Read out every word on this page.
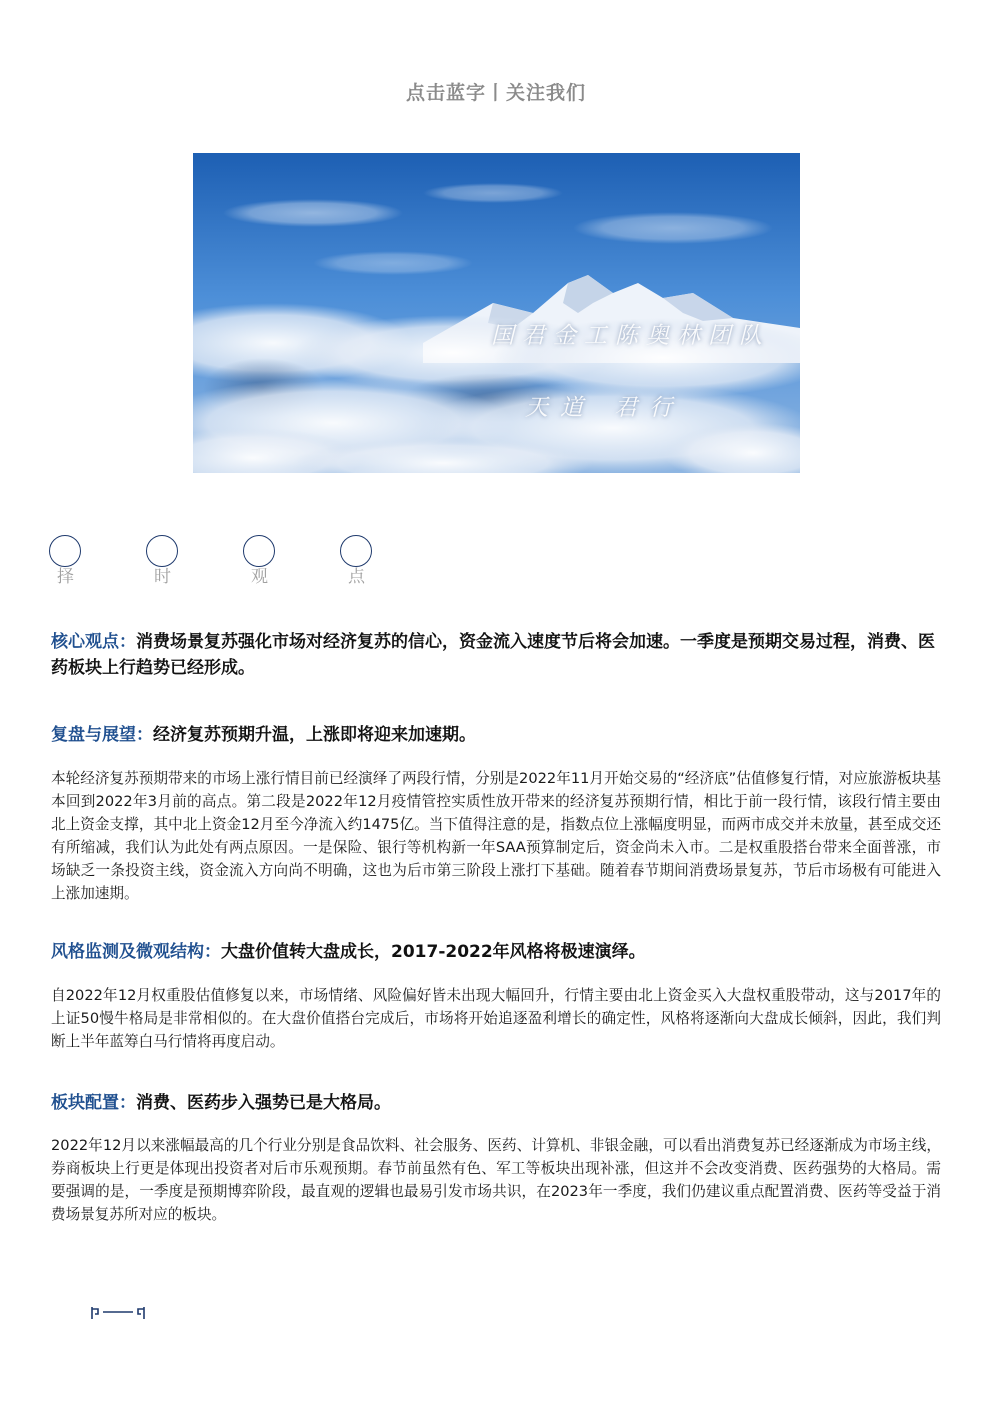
点击蓝字丨关注我们
国君金工陈奥林团队
天道 君行
择	时	观	点
核心观点：消费场景复苏强化市场对经济复苏的信心，资金流入速度节后将会加速。一季度是预期交易过程，消费、医药板块上行趋势已经形成。
复盘与展望：经济复苏预期升温，上涨即将迎来加速期。
本轮经济复苏预期带来的市场上涨行情目前已经演绎了两段行情，分别是2022年11月开始交易的“经济底”估值修复行情，对应旅游板块基本回到2022年3月前的高点。第二段是2022年12月疫情管控实质性放开带来的经济复苏预期行情，相比于前一段行情，该段行情主要由北上资金支撑，其中北上资金12月至今净流入约1475亿。当下值得注意的是，指数点位上涨幅度明显，而两市成交并未放量，甚至成交还有所缩减，我们认为此处有两点原因。一是保险、银行等机构新一年SAA预算制定后，资金尚未入市。二是权重股搭台带来全面普涨，市场缺乏一条投资主线，资金流入方向尚不明确，这也为后市第三阶段上涨打下基础。随着春节期间消费场景复苏，节后市场极有可能进入上涨加速期。
风格监测及微观结构：大盘价值转大盘成长，2017-2022年风格将极速演绎。
自2022年12月权重股估值修复以来，市场情绪、风险偏好皆未出现大幅回升，行情主要由北上资金买入大盘权重股带动，这与2017年的上证50慢牛格局是非常相似的。在大盘价值搭台完成后，市场将开始追逐盈利增长的确定性，风格将逐渐向大盘成长倾斜，因此，我们判断上半年蓝筹白马行情将再度启动。
板块配置：消费、医药步入强势已是大格局。
2022年12月以来涨幅最高的几个行业分别是食品饮料、社会服务、医药、计算机、非银金融，可以看出消费复苏已经逐渐成为市场主线，券商板块上行更是体现出投资者对后市乐观预期。春节前虽然有色、军工等板块出现补涨，但这并不会改变消费、医药强势的大格局。需要强调的是，一季度是预期博弈阶段，最直观的逻辑也最易引发市场共识，在2023年一季度，我们仍建议重点配置消费、医药等受益于消费场景复苏所对应的板块。
